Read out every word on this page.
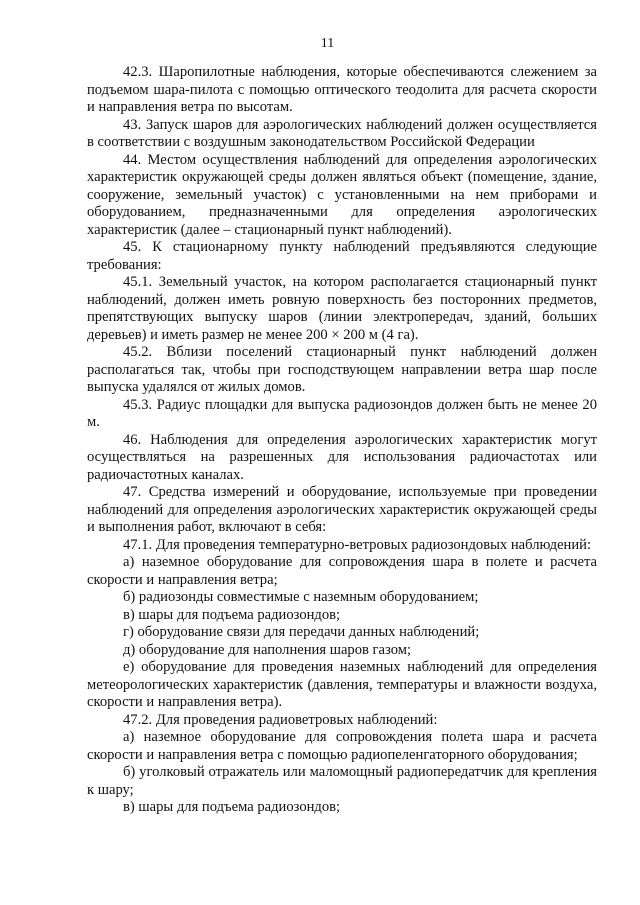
11

42.3. Шаропилотные наблюдения, которые обеспечиваются слежением за подъемом шара-пилота с помощью оптического теодолита для расчета скорости и направления ветра по высотам.

43. Запуск шаров для аэрологических наблюдений должен осуществляется в соответствии с воздушным законодательством Российской Федерации

44. Местом осуществления наблюдений для определения аэрологических характеристик окружающей среды должен являться объект (помещение, здание, сооружение, земельный участок) с установленными на нем приборами и оборудованием, предназначенными для определения аэрологических характеристик (далее – стационарный пункт наблюдений).

45. К стационарному пункту наблюдений предъявляются следующие требования:

45.1. Земельный участок, на котором располагается стационарный пункт наблюдений, должен иметь ровную поверхность без посторонних предметов, препятствующих выпуску шаров (линии электропередач, зданий, больших деревьев) и иметь размер не менее 200 × 200 м (4 га).

45.2. Вблизи поселений стационарный пункт наблюдений должен располагаться так, чтобы при господствующем направлении ветра шар после выпуска удалялся от жилых домов.

45.3. Радиус площадки для выпуска радиозондов должен быть не менее 20 м.

46. Наблюдения для определения аэрологических характеристик могут осуществляться на разрешенных для использования радиочастотах или радиочастотных каналах.

47. Средства измерений и оборудование, используемые при проведении наблюдений для определения аэрологических характеристик окружающей среды и выполнения работ, включают в себя:

47.1. Для проведения температурно-ветровых радиозондовых наблюдений:

а) наземное оборудование для сопровождения шара в полете и расчета скорости и направления ветра;

б) радиозонды совместимые с наземным оборудованием;

в) шары для подъема радиозондов;

г) оборудование связи для передачи данных наблюдений;

д) оборудование для наполнения шаров газом;

е) оборудование для проведения наземных наблюдений для определения метеорологических характеристик (давления, температуры и влажности воздуха, скорости и направления ветра).

47.2. Для проведения радиоветровых наблюдений:

а) наземное оборудование для сопровождения полета шара и расчета скорости и направления ветра с помощью радиопеленгаторного оборудования;

б) уголковый отражатель или маломощный радиопередатчик для крепления к шару;

в) шары для подъема радиозондов;
